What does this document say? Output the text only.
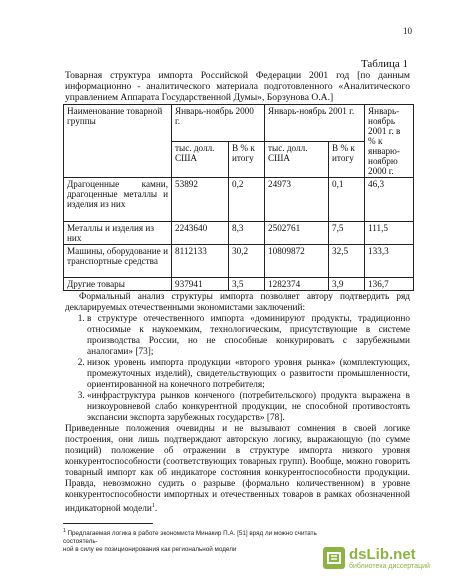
10
Таблица 1
Товарная структура импорта Российской Федерации 2001 год [по данным информационно - аналитического материала подготовленного «Аналитического управлением Аппарата Государственной Думы», Борзунова О.А.]
Наименование товарной группы	Январь-ноябрь 2000 г.		Январь-ноябрь 2001 г.		Январь-ноябрь 2001 г. в % к январю-ноябрю 2000 г.
	тыс. долл. США	В % к итогу	тыс. долл. США	В % к итогу	
Драгоценные камни, драгоценные металлы и изделия из них	53892	0,2	24973	0,1	46,3
Металлы и изделия из них	2243640	8,3	2502761	7,5	111,5
Машины, оборудование и транспортные средства	8112133	30,2	10809872	32,5	133,3
Другие товары	937941	3,5	1282374	3,9	136,7

Формальный анализ структуры импорта позволяет автору подтвердить ряд декларируемых отечественными экономистами заключений:

1. в структуре отечественного импорта «доминируют продукты, традиционно относимые к наукоемким, технологическим, присутствующие в системе производства России, но не способные конкурировать с зарубежными аналогами» [73];
2. низок уровень импорта продукции «второго уровня рынка» (комплектующих, промежуточных изделий), свидетельствующих о развитости промышленности, ориентированной на конечного потребителя;
3. «инфраструктура рынков конченого (потребительского) продукта выражена в низкоуровневой слабо конкурентной продукции, не способной противостоять экспансии экспорта зарубежных государств» [78].

Приведенные положения очевидны и не вызывают сомнения в своей логике построения, они лишь подтверждают авторскую логику, выражающую (по сумме позиций) положение об отражении в структуре импорта низкого уровня конкурентоспособности (соответствующих товарных групп). Вообще, можно говорить товарный импорт как об индикаторе состояния конкурентоспособности продукции. Правда, невозможно судить о разрыве (формально количественном) в уровне конкурентоспособности импортных и отечественных товаров в рамках обозначенной индикаторной модели$^1$.

$^1$ Предлагаемая логика в работе экономиста Минакир П.А. [51] вряд ли можно считать состоятель-
ной в силу ее позиционирования как региональной модели	dsLib.net
библиотека диссертаций
